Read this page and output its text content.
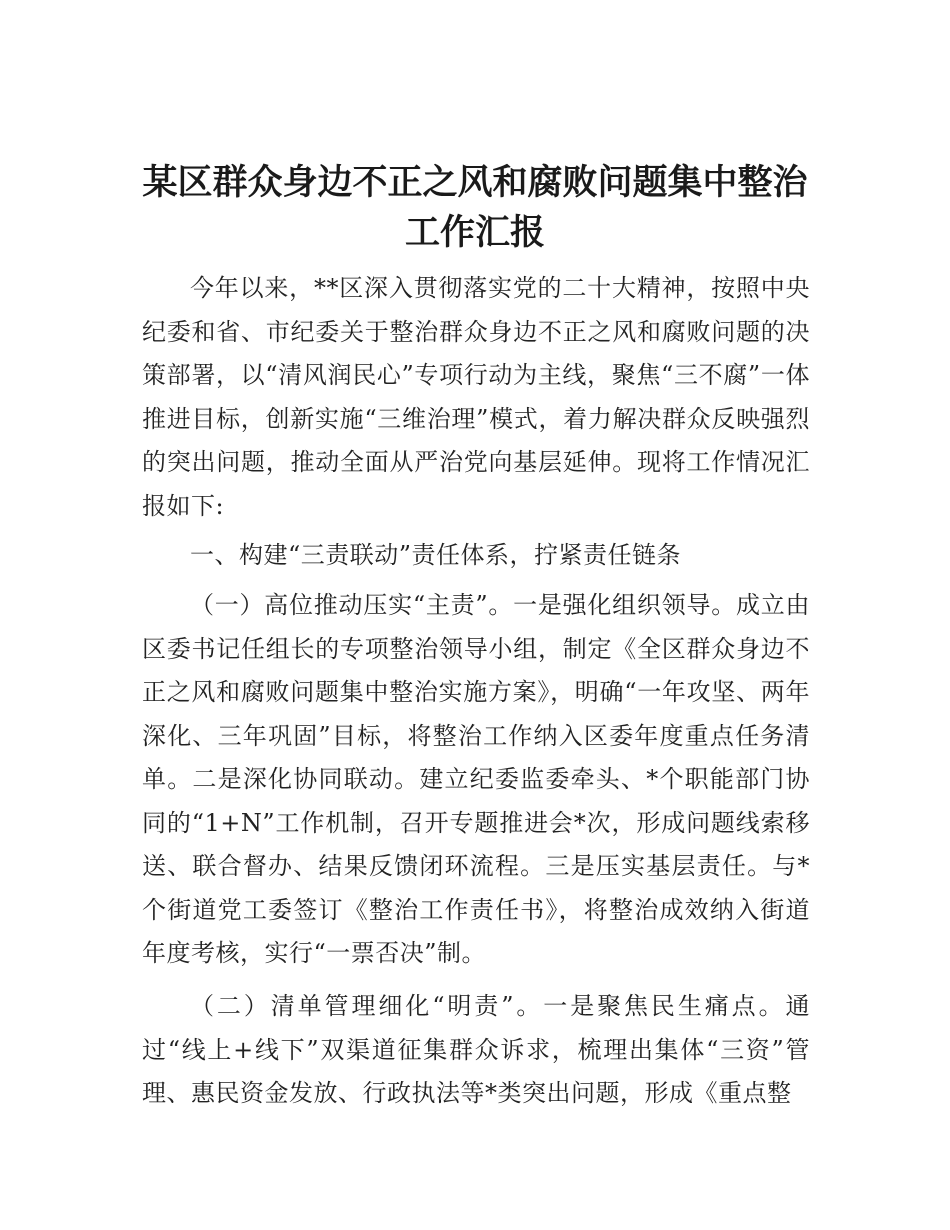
某区群众身边不正之风和腐败问题集中整治工作汇报

今年以来，**区深入贯彻落实党的二十大精神，按照中央纪委和省、市纪委关于整治群众身边不正之风和腐败问题的决策部署，以“清风润民心”专项行动为主线，聚焦“三不腐”一体推进目标，创新实施“三维治理”模式，着力解决群众反映强烈的突出问题，推动全面从严治党向基层延伸。现将工作情况汇报如下:

一、构建“三责联动”责任体系，拧紧责任链条

（一）高位推动压实“主责”。一是强化组织领导。成立由区委书记任组长的专项整治领导小组，制定《全区群众身边不正之风和腐败问题集中整治实施方案》，明确“一年攻坚、两年深化、三年巩固”目标，将整治工作纳入区委年度重点任务清单。二是深化协同联动。建立纪委监委牵头、*个职能部门协同的“1+N”工作机制，召开专题推进会*次，形成问题线索移送、联合督办、结果反馈闭环流程。三是压实基层责任。与*个街道党工委签订《整治工作责任书》，将整治成效纳入街道年度考核，实行“一票否决”制。

（二）清单管理细化“明责”。一是聚焦民生痛点。通过“线上+线下”双渠道征集群众诉求，梳理出集体“三资”管理、惠民资金发放、行政执法等*类突出问题，形成《重点整
